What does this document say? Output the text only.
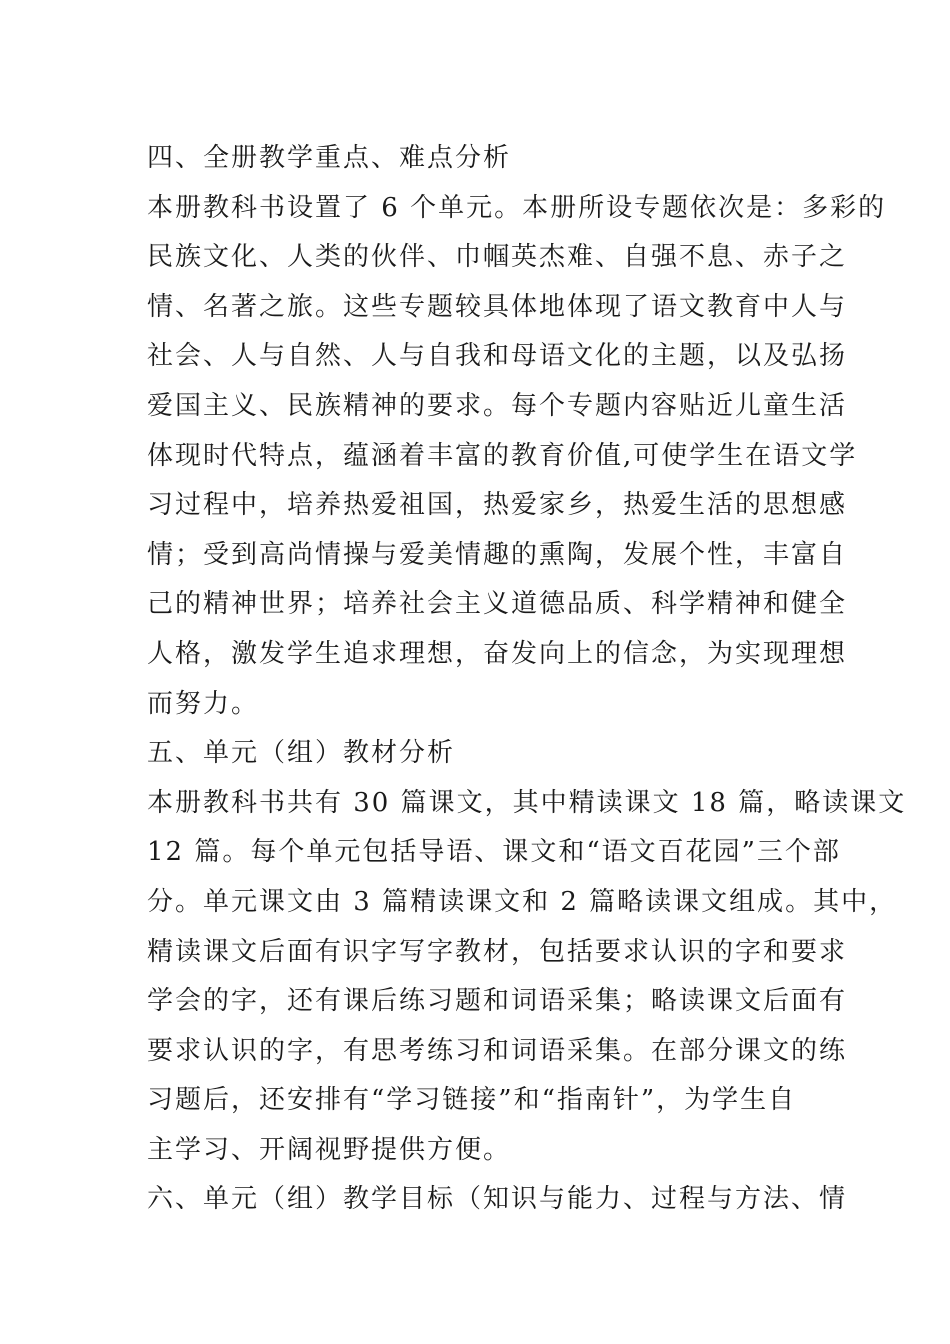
四、全册教学重点、难点分析
本册教科书设置了 6 个单元。本册所设专题依次是：多彩的
民族文化、人类的伙伴、巾帼英杰难、自强不息、赤子之
情、名著之旅。这些专题较具体地体现了语文教育中人与
社会、人与自然、人与自我和母语文化的主题，以及弘扬
爱国主义、民族精神的要求。每个专题内容贴近儿童生活
体现时代特点，蕴涵着丰富的教育价值,可使学生在语文学
习过程中，培养热爱祖国，热爱家乡，热爱生活的思想感
情；受到高尚情操与爱美情趣的熏陶，发展个性，丰富自
己的精神世界；培养社会主义道德品质、科学精神和健全
人格，激发学生追求理想，奋发向上的信念，为实现理想
而努力。
五、单元（组）教材分析
本册教科书共有 30 篇课文，其中精读课文 18 篇，略读课文
12 篇。每个单元包括导语、课文和“语文百花园”三个部
分。单元课文由 3 篇精读课文和 2 篇略读课文组成。其中，
精读课文后面有识字写字教材，包括要求认识的字和要求
学会的字，还有课后练习题和词语采集；略读课文后面有
要求认识的字，有思考练习和词语采集。在部分课文的练
习题后，还安排有“学习链接”和“指南针”，为学生自
主学习、开阔视野提供方便。
六、单元（组）教学目标（知识与能力、过程与方法、情
